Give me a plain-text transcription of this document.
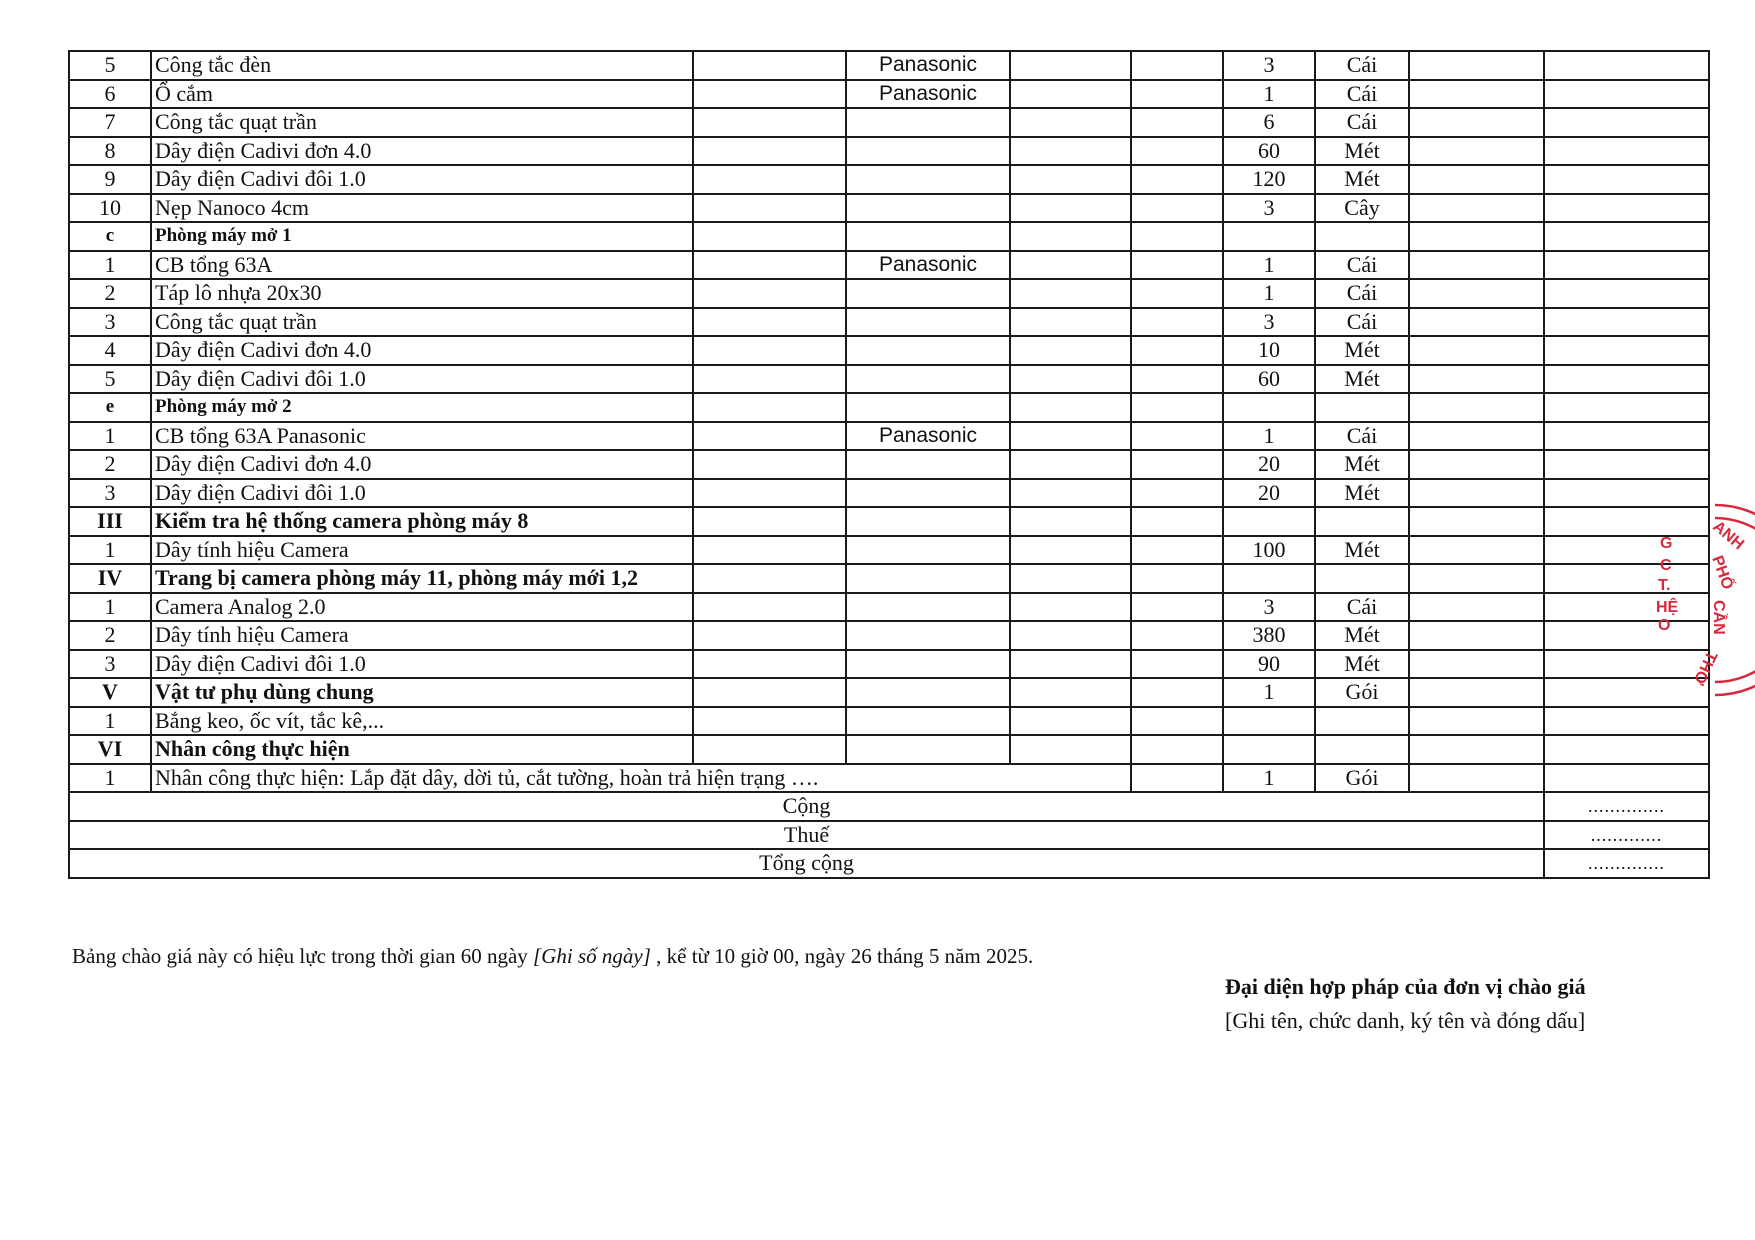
5	Công tắc đèn		Panasonic			3	Cái		
6	Ổ cắm		Panasonic			1	Cái		
7	Công tắc quạt trần					6	Cái		
8	Dây điện Cadivi đơn 4.0					60	Mét		
9	Dây điện Cadivi đôi 1.0					120	Mét		
10	Nẹp Nanoco 4cm					3	Cây		
c	Phòng máy mở 1								
1	CB tổng 63A		Panasonic			1	Cái		
2	Táp lô nhựa 20x30					1	Cái		
3	Công tắc quạt trần					3	Cái		
4	Dây điện Cadivi đơn 4.0					10	Mét		
5	Dây điện Cadivi đôi 1.0					60	Mét		
e	Phòng máy mở 2								
1	CB tổng 63A Panasonic		Panasonic			1	Cái		
2	Dây điện Cadivi đơn 4.0					20	Mét		
3	Dây điện Cadivi đôi 1.0					20	Mét		
III	Kiểm tra hệ thống camera phòng máy 8								
1	Dây tính hiệu Camera					100	Mét		
IV	Trang bị camera phòng máy 11, phòng máy mới 1,2								
1	Camera Analog 2.0					3	Cái		
2	Dây tính hiệu Camera					380	Mét		
3	Dây điện Cadivi đôi 1.0					90	Mét		
V	Vật tư phụ dùng chung					1	Gói		
1	Bắng keo, ốc vít, tắc kê,...								
VI	Nhân công thực hiện								
1	Nhân công thực hiện: Lắp đặt dây, dời tủ, cắt tường, hoàn trả hiện trạng ….					1	Gói		
Cộng									..............
Thuế									.............
Tổng cộng									..............
Bảng chào giá này có hiệu lực trong thời gian 60 ngày [Ghi số ngày] , kể từ 10 giờ 00, ngày 26 tháng 5 năm 2025.
Đại diện hợp pháp của đơn vị chào giá
[Ghi tên, chức danh, ký tên và đóng dấu]
ANH
PHỐ
CẦN
THƠ
G
C
T.
HỆ
O
